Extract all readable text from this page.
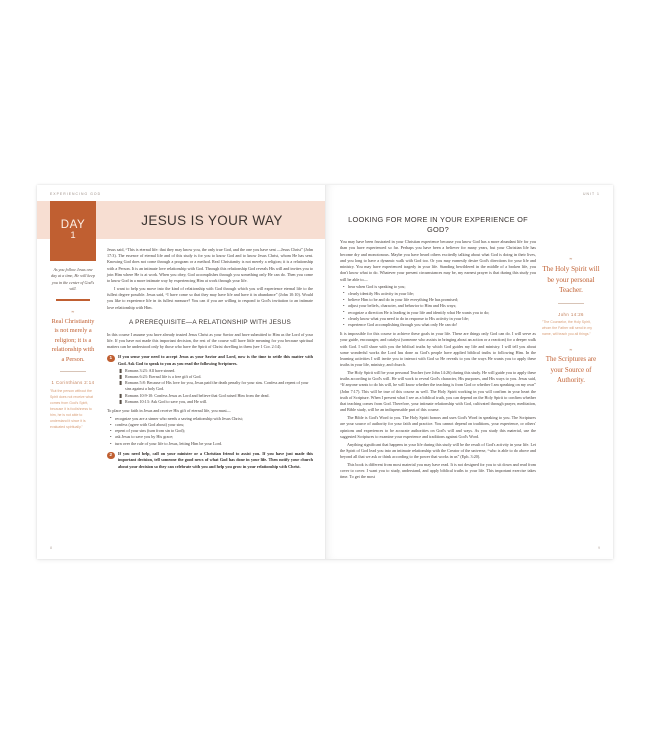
EXPERIENCING GOD
DAY
1
JESUS IS YOUR WAY
As you follow Jesus one day at a time, He will keep you in the center of God's will.
❧
Real Christianity is not merely a religion; it is a relationship with a Person.
1 Corinthians 2:14
"But the person without the Spirit does not receive what comes from God's Spirit, because it is foolishness to him, he is not able to understand it since it is evaluated spiritually."

Jesus said, “This is eternal life: that they may know you, the only true God, and the one you have sent —Jesus Christ” (John 17:3). The essence of eternal life and of this study is for you to know God and to know Jesus Christ, whom He has sent. Knowing God does not come through a program or a method. Real Christianity is not merely a religion; it is a relationship with a Person. It is an intimate love relationship with God. Through this relationship God reveals His will and invites you to join Him where He is at work. When you obey, God accomplishes through you something only He can do. Then you come to know God in a more intimate way by experiencing Him at work through your life.

I want to help you move into the kind of relationship with God through which you will experience eternal life to the fullest degree possible. Jesus said, “I have come so that they may have life and have it in abundance” (John 10:10). Would you like to experience life in its fullest measure? You can if you are willing to respond to God's invitation to an intimate love relationship with Him.

A PREREQUISITE—A RELATIONSHIP WITH JESUS

In this course I assume you have already trusted Jesus Christ as your Savior and have submitted to Him as the Lord of your life. If you have not made this important decision, the rest of the course will have little meaning for you because spiritual matters can be understood only by those who have the Spirit of Christ dwelling in them (see 1 Cor. 2:14).

1	If you sense your need to accept Jesus as your Savior and Lord, now is the time to settle this matter with God. Ask God to speak to you as you read the following Scriptures.
❚ Romans 3:23: All have sinned.
❚ Romans 6:23: Eternal life is a free gift of God.
❚ Romans 5:8: Because of His love for you, Jesus paid the death penalty for your sins. Confess and repent of your sins against a holy God.
❚ Romans 10:9-10: Confess Jesus as Lord and believe that God raised Him from the dead.
❚ Romans 10:13: Ask God to save you, and He will.

To place your faith in Jesus and receive His gift of eternal life, you must—

• recognize you are a sinner who needs a saving relationship with Jesus Christ;
• confess (agree with God about) your sins;
• repent of your sins (turn from sin to God);
• ask Jesus to save you by His grace;
• turn over the rule of your life to Jesus, letting Him be your Lord.
2	If you need help, call on your minister or a Christian friend to assist you. If you have just made this important decision, tell someone the good news of what God has done in your life. Then notify your church about your decision so they can celebrate with you and help you grow in your relationship with Christ.
8
UNIT 1
LOOKING FOR MORE IN YOUR EXPERIENCE OF GOD?

You may have been frustrated in your Christian experience because you know God has a more abundant life for you than you have experienced so far. Perhaps you have been a believer for many years, but your Christian life has become dry and monotonous. Maybe you have heard others excitedly talking about what God is doing in their lives, and you long to have a dynamic walk with God too. Or you may earnestly desire God's directions for your life and ministry. You may have experienced tragedy in your life. Standing bewildered in the middle of a broken life, you don't know what to do. Whatever your present circumstances may be, my earnest prayer is that during this study you will be able to—

• hear when God is speaking to you;
• clearly identify His activity in your life;
• believe Him to be and do in your life everything He has promised;
• adjust your beliefs, character, and behavior to Him and His ways;
• recognize a direction He is leading in your life and identify what He wants you to do;
• clearly know what you need to do in response to His activity in your life;
• experience God accomplishing through you what only He can do!

It is impossible for this course to achieve these goals in your life. These are things only God can do. I will serve as your guide, encourager, and catalyst (someone who assists in bringing about an action or a reaction) for a deeper walk with God. I will share with you the biblical truths by which God guides my life and ministry. I will tell you about some wonderful works the Lord has done as God's people have applied biblical truths to following Him. In the learning activities I will invite you to interact with God so He reveals to you the ways He wants you to apply these truths in your life, ministry, and church.

The Holy Spirit will be your personal Teacher (see John 14:26) during this study. He will guide you to apply these truths according to God's will. He will work to reveal God's character, His purposes, and His ways to you. Jesus said, “If anyone wants to do his will, he will know whether the teaching is from God or whether I am speaking on my own” (John 7:17). This will be true of this course as well. The Holy Spirit working in you will confirm in your heart the truth of Scripture. When I present what I see as a biblical truth, you can depend on the Holy Spirit to confirm whether that teaching comes from God. Therefore, your intimate relationship with God, cultivated through prayer, meditation, and Bible study, will be an indispensable part of this course.

The Bible is God's Word to you. The Holy Spirit honors and uses God's Word in speaking to you. The Scriptures are your source of authority for your faith and practice. You cannot depend on traditions, your experience, or others' opinions and experiences to be accurate authorities on God's will and ways. As you study this material, use the suggested Scriptures to examine your experience and traditions against God's Word.

Anything significant that happens in your life during this study will be the result of God's activity in your life. Let the Spirit of God lead you into an intimate relationship with the Creator of the universe, “who is able to do above and beyond all that we ask or think according to the power that works in us” (Eph. 3:20).

This book is different from most material you may have read. It is not designed for you to sit down and read from cover to cover. I want you to study, understand, and apply biblical truths to your life. This important exercise takes time. To get the most

❧
The Holy Spirit will be your personal Teacher.
John 14:26
"The Counselor, the Holy Spirit, whom the Father will send in my name, will teach you all things."
❧
The Scriptures are your Source of Authority.
9
